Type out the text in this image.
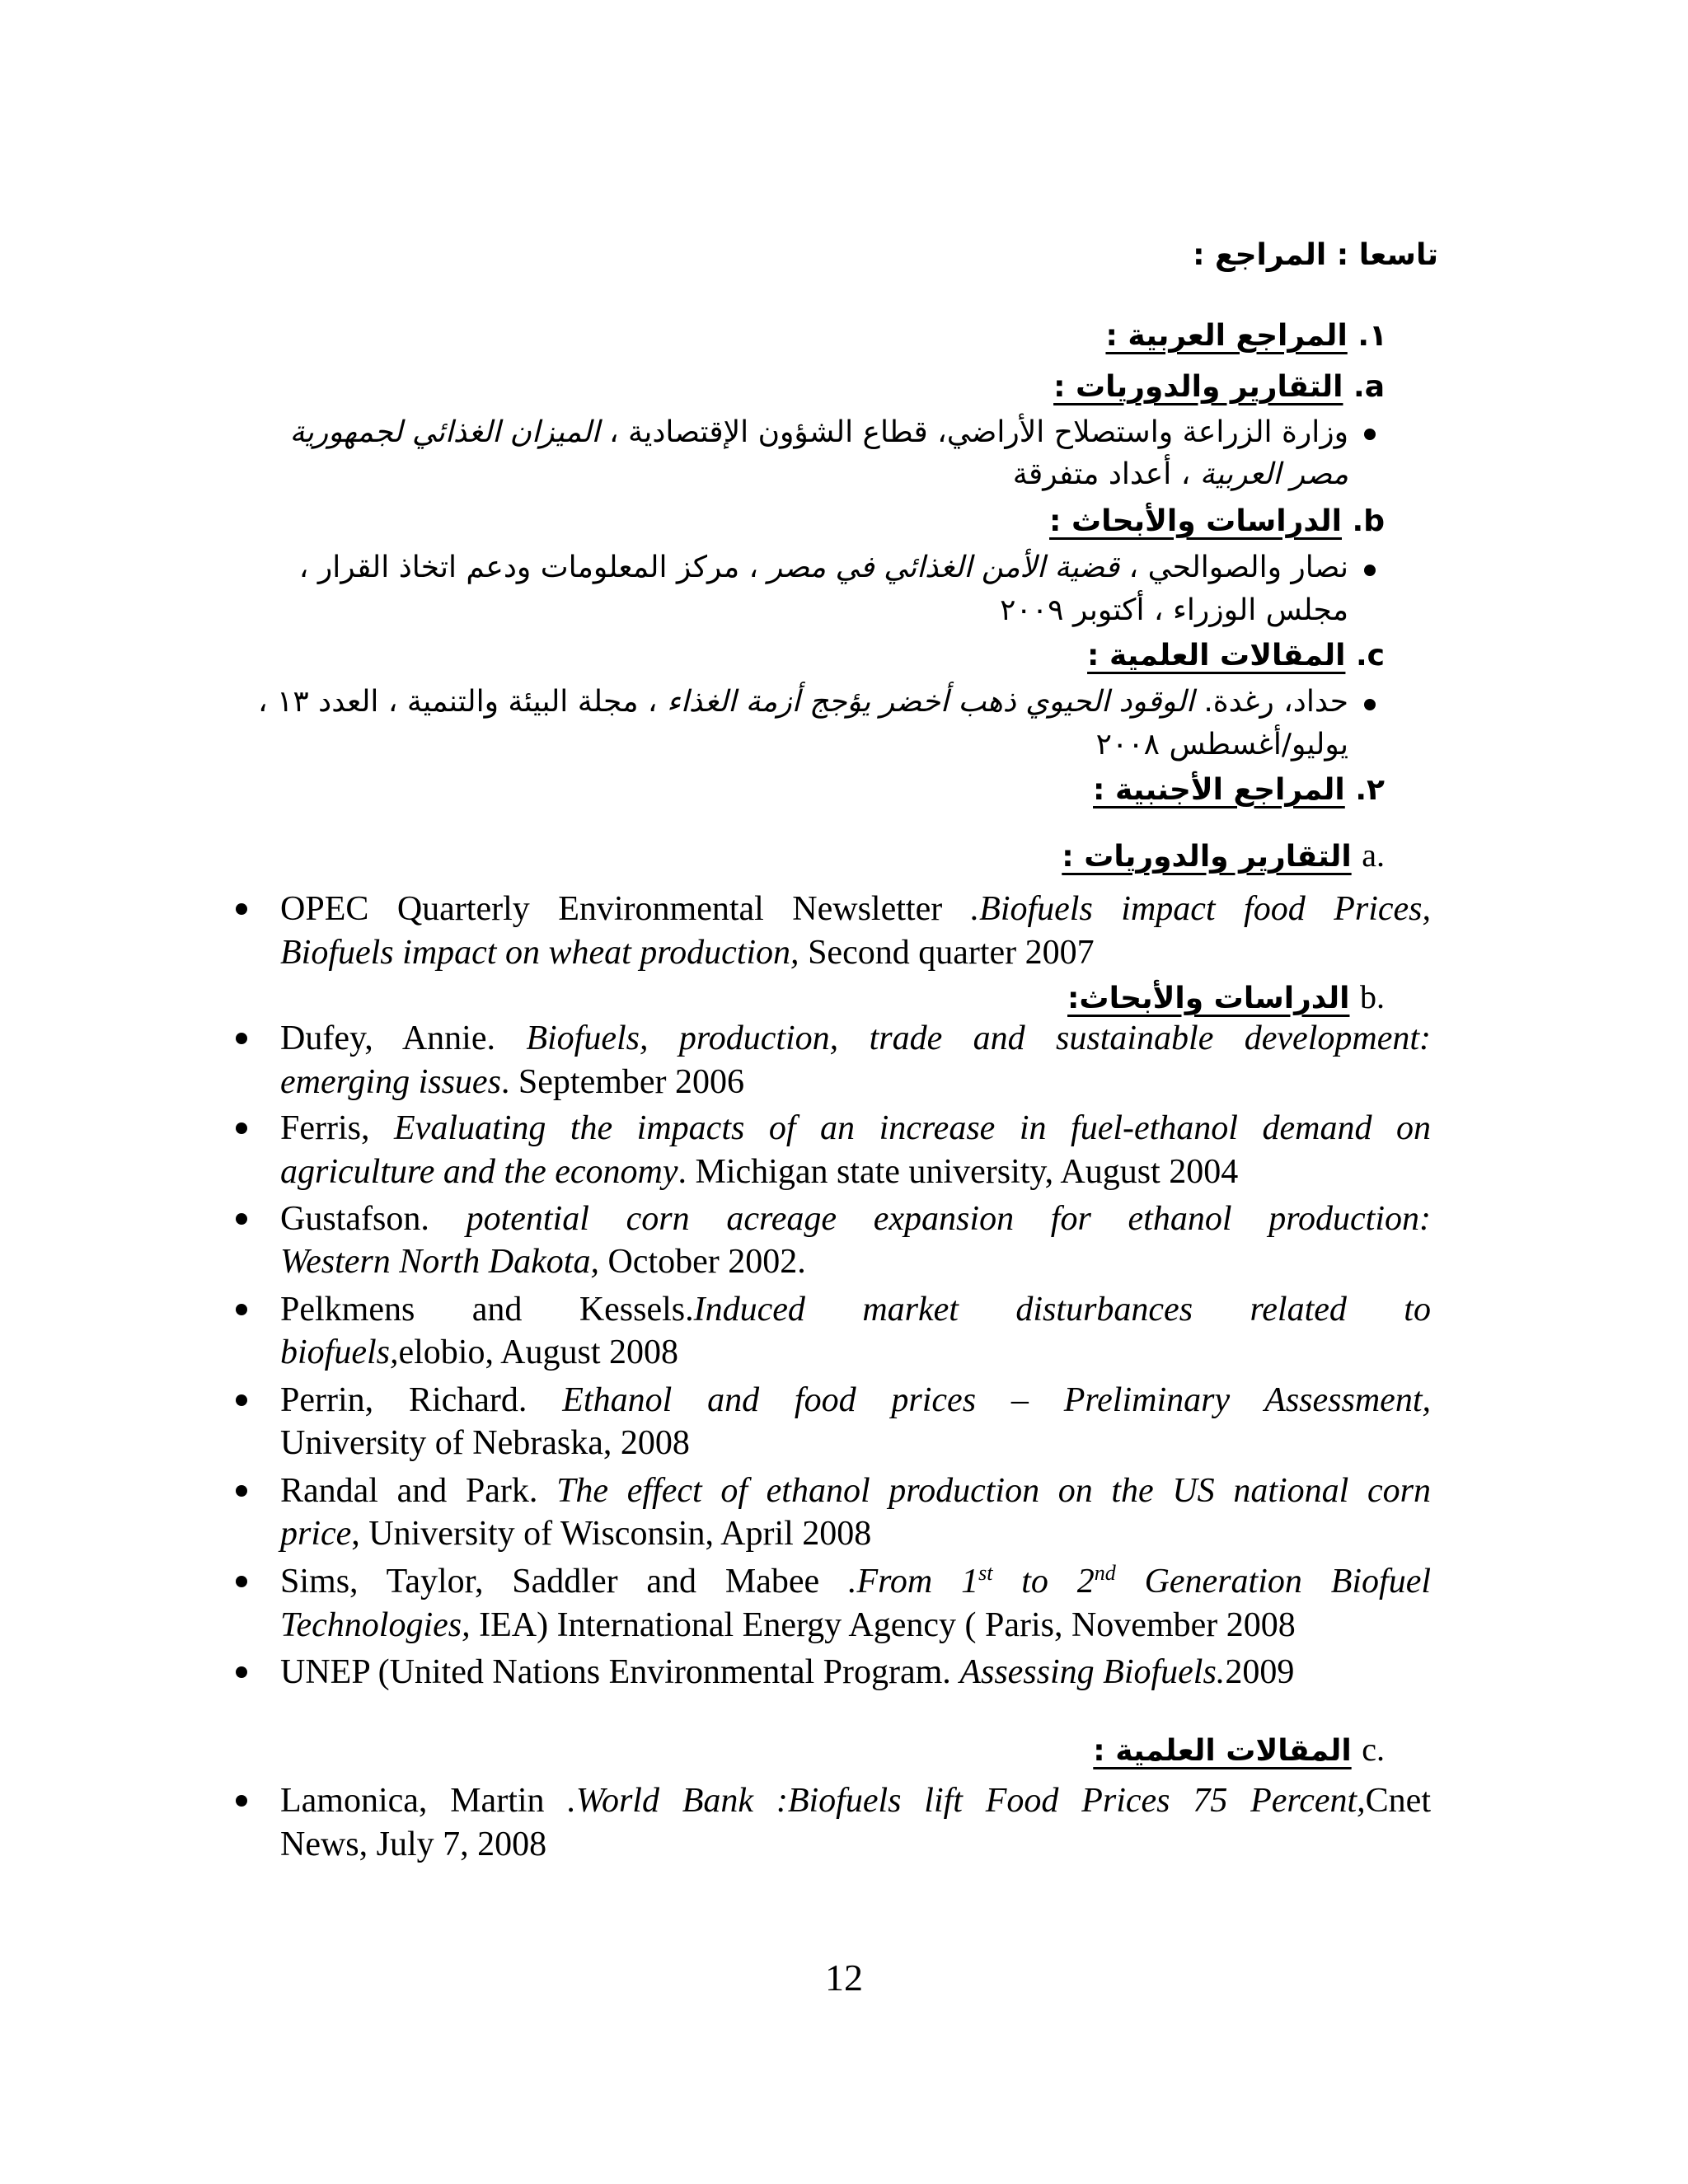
تاسعا : المراجع :
١. المراجع العربية :
.a التقارير والدوريات :
وزارة الزراعة واستصلاح الأراضي، قطاع الشؤون الإقتصادية ، الميزان الغذائي لجمهورية
مصر العربية ، أعداد متفرقة
.b الدراسات والأبحاث :
نصار والصوالحي ، قضية الأمن الغذائي في مصر ، مركز المعلومات ودعم اتخاذ القرار ،
مجلس الوزراء ، أكتوبر ٢٠٠٩
.c المقالات العلمية :
حداد، رغدة. الوقود الحيوي ذهب أخضر يؤجج أزمة الغذاء ، مجلة البيئة والتنمية ، العدد ١٣ ،
يوليو/أغسطس ٢٠٠٨
٢. المراجع الأجنبية :
a. التقارير والدوريات :
OPEC Quarterly Environmental Newsletter .Biofuels impact food Prices,
Biofuels impact on wheat production, Second quarter 2007
b. الدراسات والأبحاث:
Dufey, Annie. Biofuels, production, trade and sustainable development:
emerging issues. September 2006
Ferris, Evaluating the impacts of an increase in fuel-ethanol demand on
agriculture and the economy. Michigan state university, August 2004
Gustafson. potential corn acreage expansion for ethanol production:
Western North Dakota, October 2002.
Pelkmens and Kessels.Induced market disturbances related to
biofuels,elobio, August 2008
Perrin, Richard. Ethanol and food prices – Preliminary Assessment,
University of Nebraska, 2008
Randal and Park. The effect of ethanol production on the US national corn
price, University of Wisconsin, April 2008
Sims, Taylor, Saddler and Mabee .From 1st to 2nd Generation Biofuel
Technologies, IEA) International Energy Agency ( Paris, November 2008
UNEP (United Nations Environmental Program. Assessing Biofuels.2009
c. المقالات العلمية :
Lamonica, Martin .World Bank :Biofuels lift Food Prices 75 Percent,Cnet
News, July 7, 2008
12
